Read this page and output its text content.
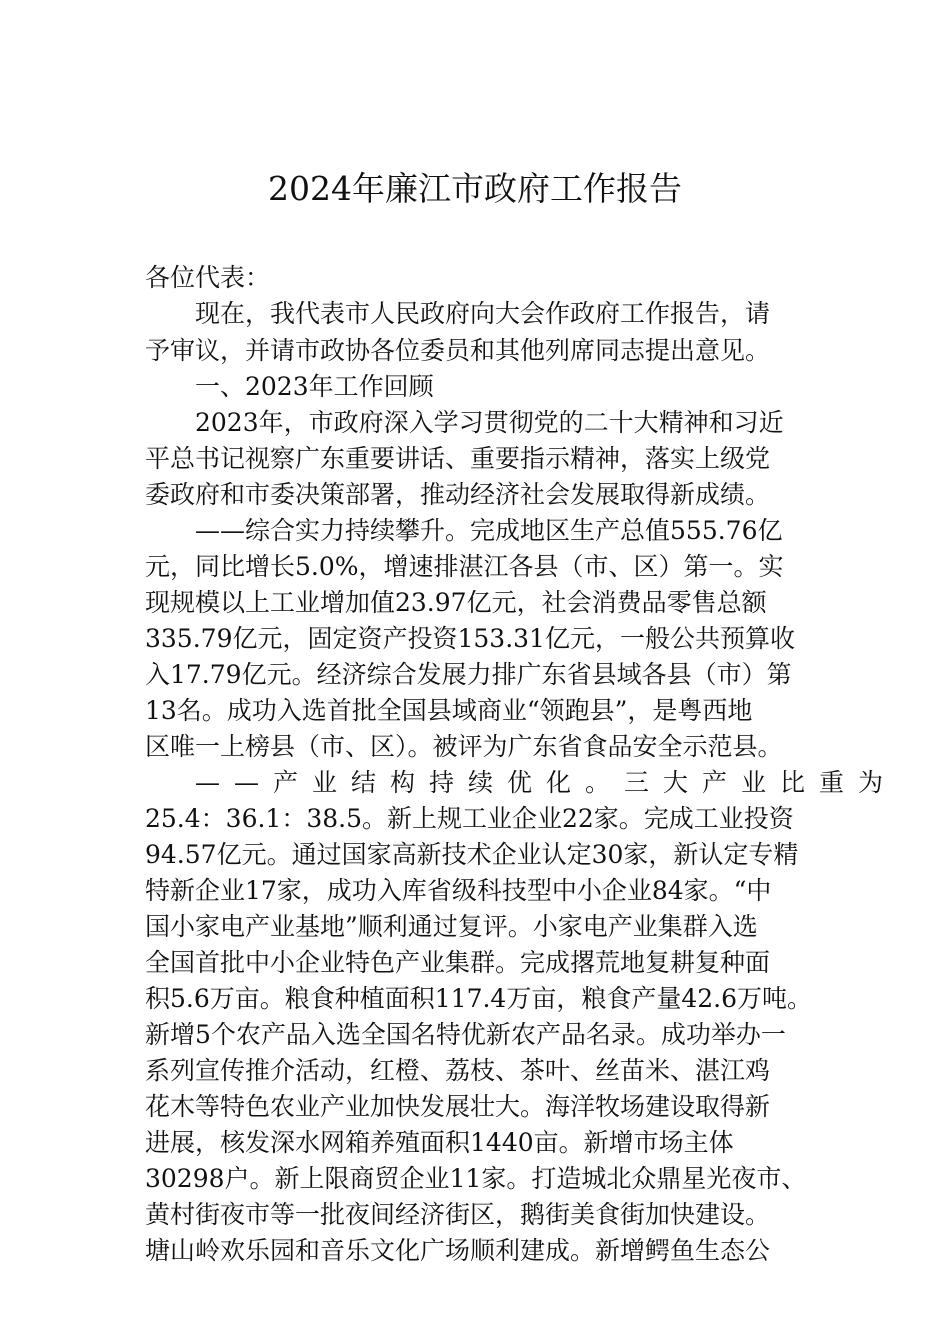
2024年廉江市政府工作报告
各位代表：
现在，我代表市人民政府向大会作政府工作报告，请
予审议，并请市政协各位委员和其他列席同志提出意见。
一、2023年工作回顾
2023年，市政府深入学习贯彻党的二十大精神和习近
平总书记视察广东重要讲话、重要指示精神，落实上级党
委政府和市委决策部署，推动经济社会发展取得新成绩。
——综合实力持续攀升。完成地区生产总值555.76亿
元，同比增长5.0%，增速排湛江各县（市、区）第一。实
现规模以上工业增加值23.97亿元，社会消费品零售总额
335.79亿元，固定资产投资153.31亿元，一般公共预算收
入17.79亿元。经济综合发展力排广东省县域各县（市）第
13名。成功入选首批全国县域商业“领跑县”，是粤西地
区唯一上榜县（市、区）。被评为广东省食品安全示范县。
——产业结构持续优化。三大产业比重为
25.4：36.1：38.5。新上规工业企业22家。完成工业投资
94.57亿元。通过国家高新技术企业认定30家，新认定专精
特新企业17家，成功入库省级科技型中小企业84家。“中
国小家电产业基地”顺利通过复评。小家电产业集群入选
全国首批中小企业特色产业集群。完成撂荒地复耕复种面
积5.6万亩。粮食种植面积117.4万亩，粮食产量42.6万吨。
新增5个农产品入选全国名特优新农产品名录。成功举办一
系列宣传推介活动，红橙、荔枝、茶叶、丝苗米、湛江鸡
花木等特色农业产业加快发展壮大。海洋牧场建设取得新
进展，核发深水网箱养殖面积1440亩。新增市场主体
30298户。新上限商贸企业11家。打造城北众鼎星光夜市、
黄村街夜市等一批夜间经济街区，鹅街美食街加快建设。
塘山岭欢乐园和音乐文化广场顺利建成。新增鳄鱼生态公
